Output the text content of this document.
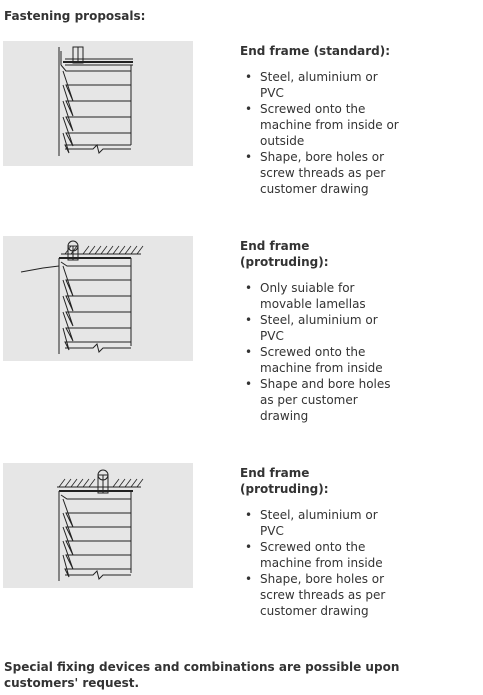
Fastening proposals:
End frame (standard):
• Steel, aluminium or PVC
• Screwed onto the machine from inside or outside
• Shape, bore holes or screw threads as per customer drawing
End frame (protruding):
• Only suiable for movable lamellas
• Steel, aluminium or PVC
• Screwed onto the machine from inside
• Shape and bore holes as per customer drawing
End frame (protruding):
• Steel, aluminium or PVC
• Screwed onto the machine from inside
• Shape, bore holes or screw threads as per customer drawing
Special fixing devices and combinations are possible upon customers' request.
